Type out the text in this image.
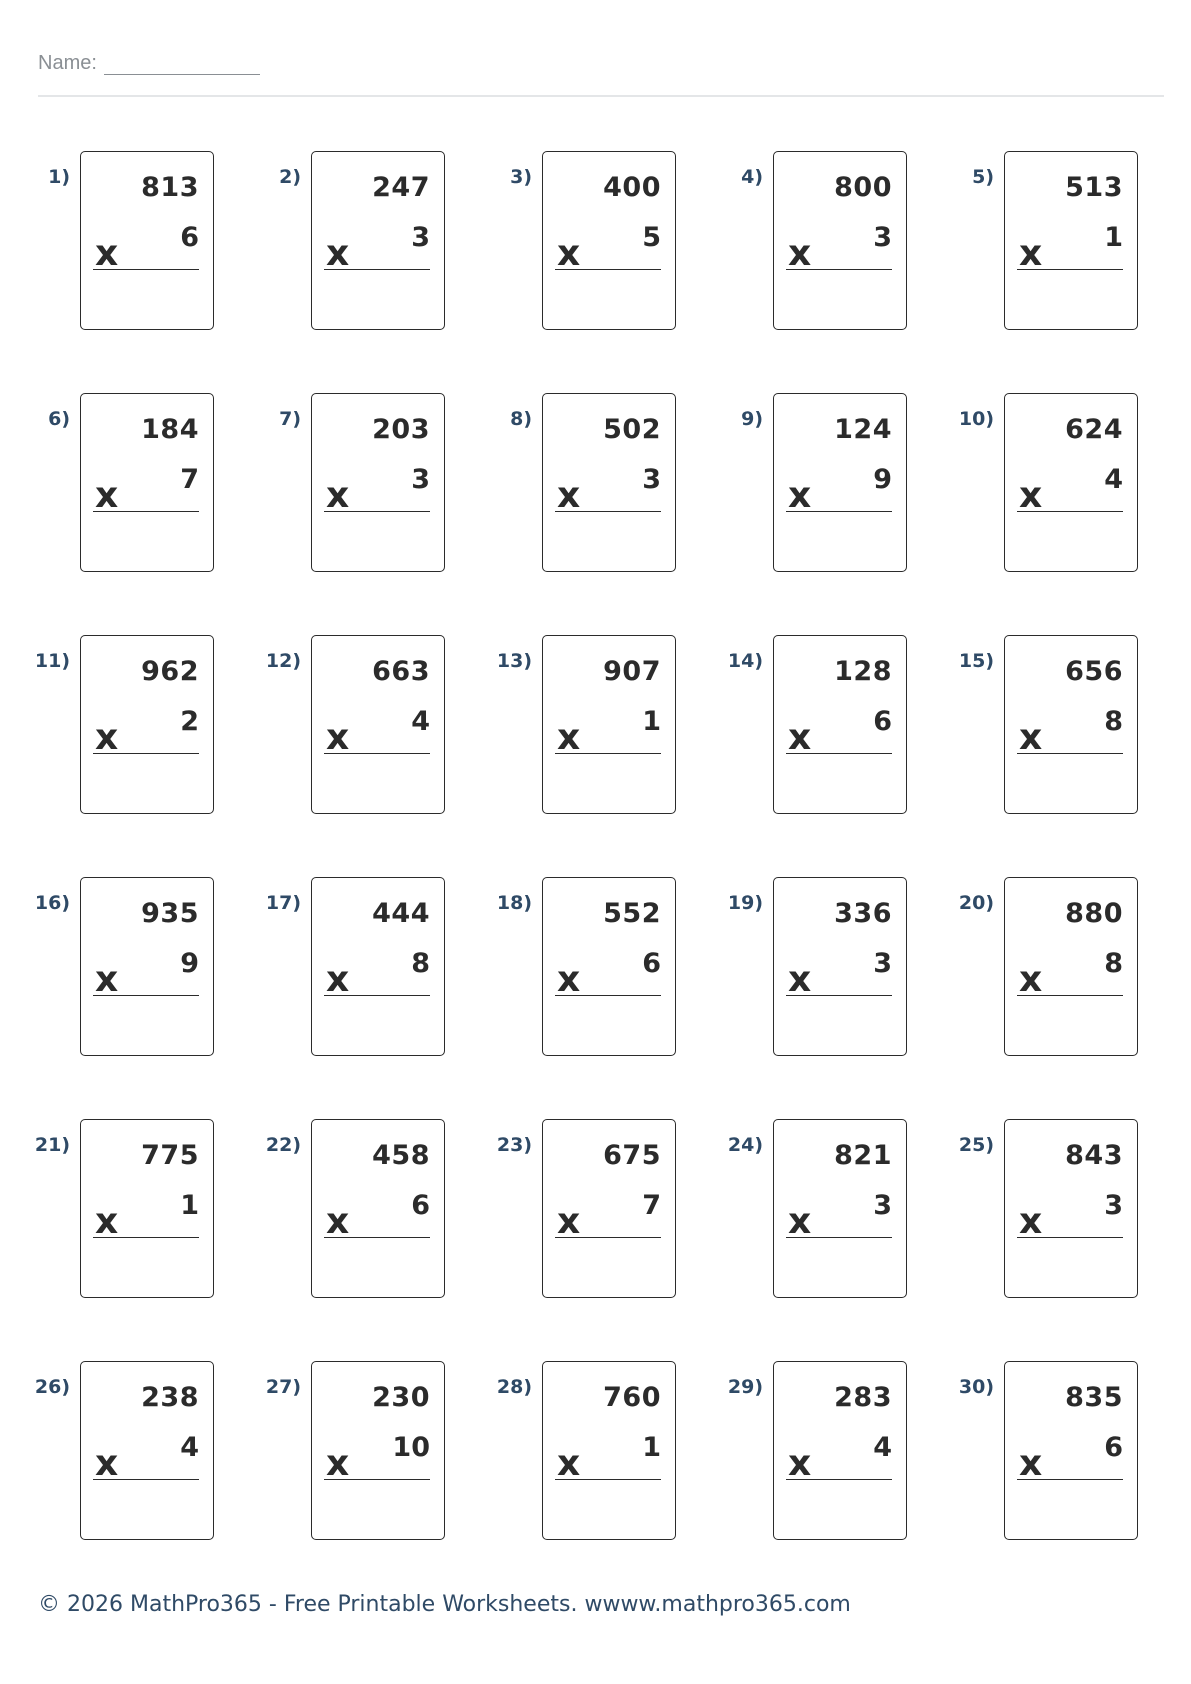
Name:
1)	813
x 6
2)	247
x 3
3)	400
x 5
4)	800
x 3
5)	513
x 1
6)	184
x 7
7)	203
x 3
8)	502
x 3
9)	124
x 9
10)	624
x 4
11)	962
x 2
12)	663
x 4
13)	907
x 1
14)	128
x 6
15)	656
x 8
16)	935
x 9
17)	444
x 8
18)	552
x 6
19)	336
x 3
20)	880
x 8
21)	775
x 1
22)	458
x 6
23)	675
x 7
24)	821
x 3
25)	843
x 3
26)	238
x 4
27)	230
x 10
28)	760
x 1
29)	283
x 4
30)	835
x 6
© 2026 MathPro365 - Free Printable Worksheets. wwww.mathpro365.com
